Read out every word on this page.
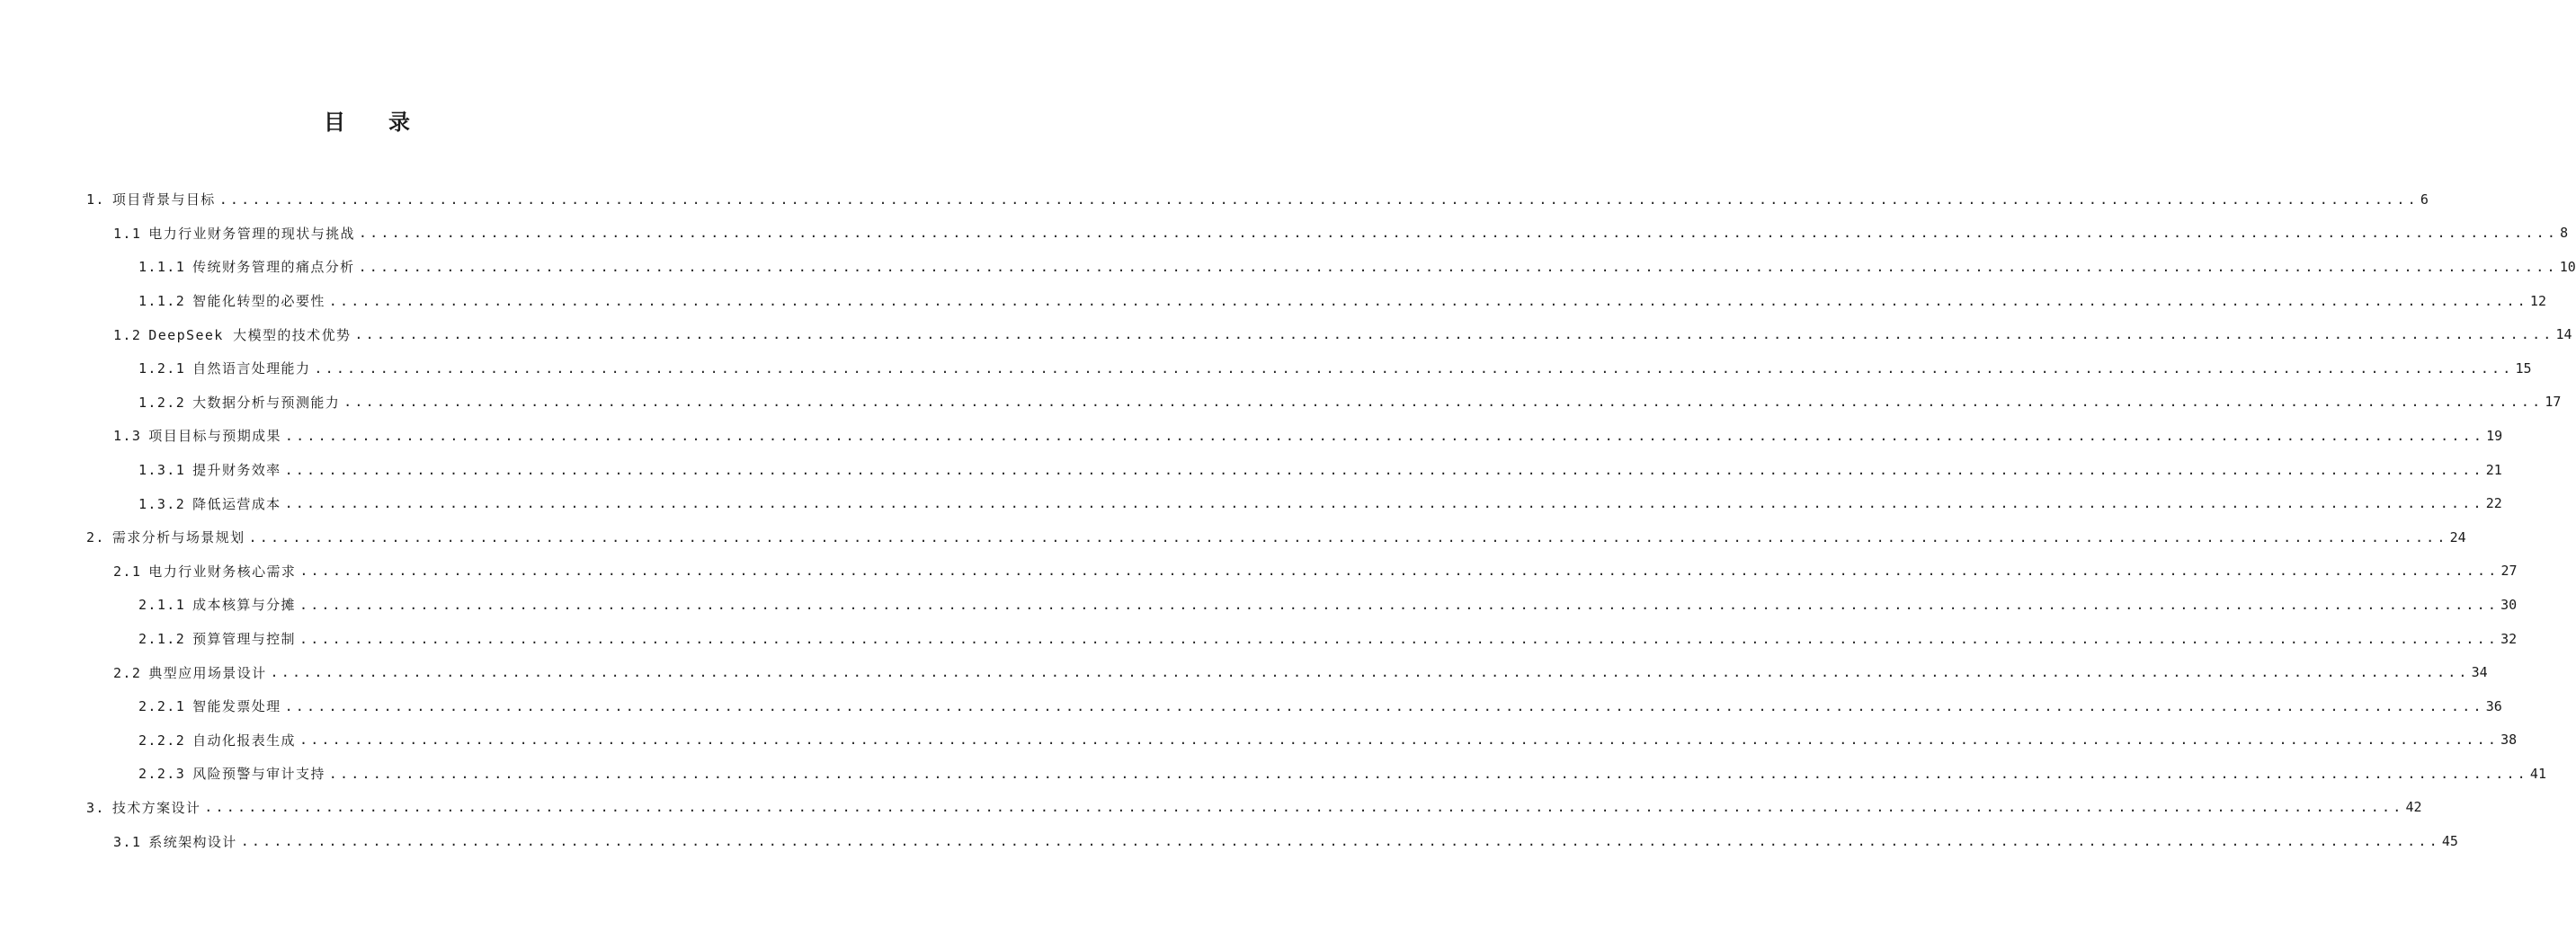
目 录
1. 项目背景与目标 ........................................................................................................................................................................................................ 6
1.1 电力行业财务管理的现状与挑战 ........................................................................................................................................................................................................ 8
1.1.1 传统财务管理的痛点分析 ........................................................................................................................................................................................................ 10
1.1.2 智能化转型的必要性 ........................................................................................................................................................................................................ 12
1.2 DeepSeek 大模型的技术优势 ........................................................................................................................................................................................................ 14
1.2.1 自然语言处理能力 ........................................................................................................................................................................................................ 15
1.2.2 大数据分析与预测能力 ........................................................................................................................................................................................................ 17
1.3 项目目标与预期成果 ........................................................................................................................................................................................................ 19
1.3.1 提升财务效率 ........................................................................................................................................................................................................ 21
1.3.2 降低运营成本 ........................................................................................................................................................................................................ 22
2. 需求分析与场景规划 ........................................................................................................................................................................................................ 24
2.1 电力行业财务核心需求 ........................................................................................................................................................................................................ 27
2.1.1 成本核算与分摊 ........................................................................................................................................................................................................ 30
2.1.2 预算管理与控制 ........................................................................................................................................................................................................ 32
2.2 典型应用场景设计 ........................................................................................................................................................................................................ 34
2.2.1 智能发票处理 ........................................................................................................................................................................................................ 36
2.2.2 自动化报表生成 ........................................................................................................................................................................................................ 38
2.2.3 风险预警与审计支持 ........................................................................................................................................................................................................ 41
3. 技术方案设计 ........................................................................................................................................................................................................ 42
3.1 系统架构设计 ........................................................................................................................................................................................................ 45
